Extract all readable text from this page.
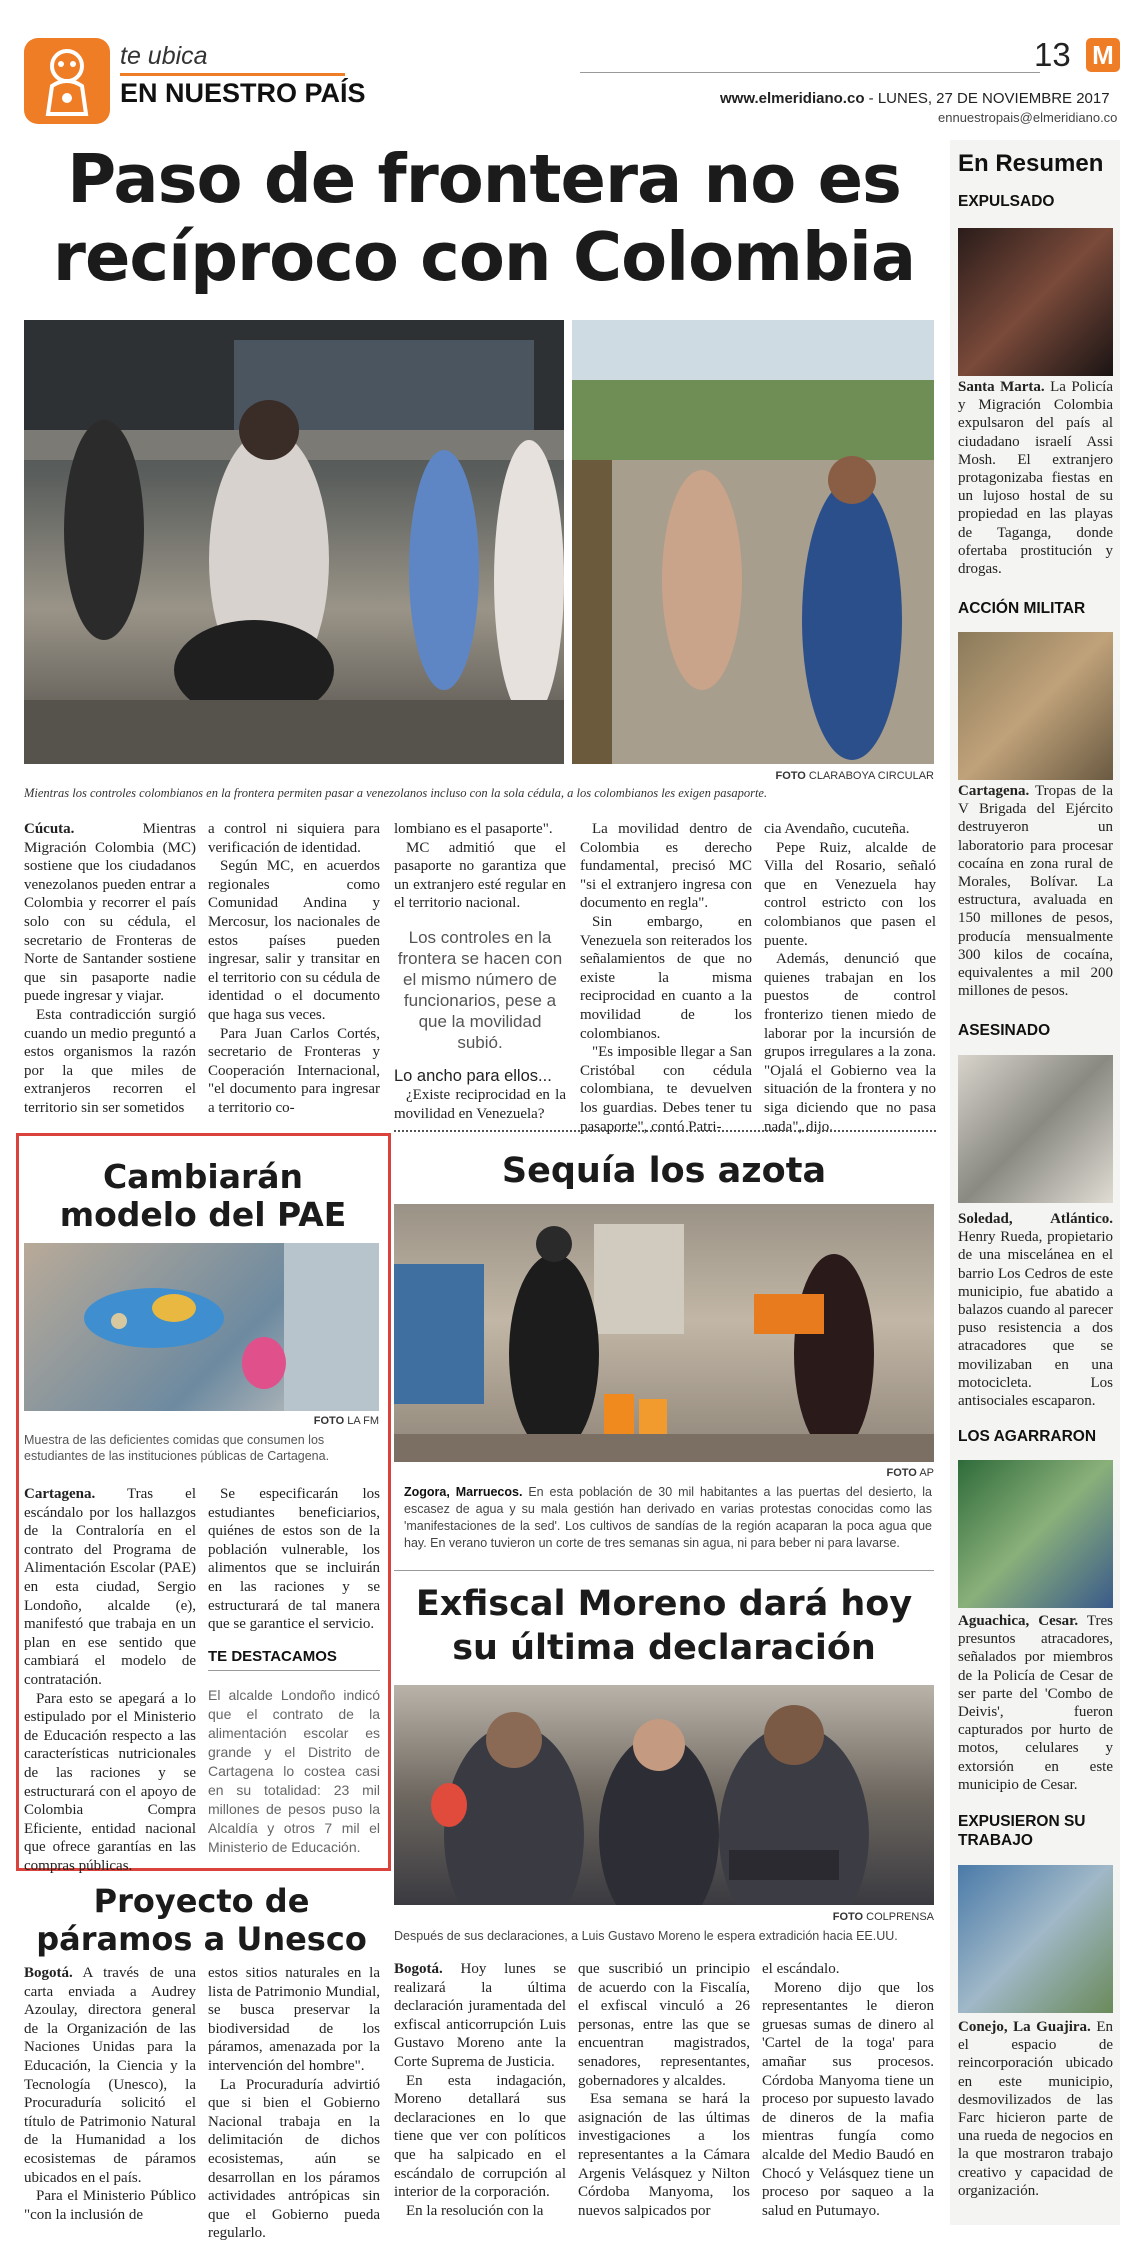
te ubica
EN NUESTRO PAÍS
13 M
www.elmeridiano.co - LUNES, 27 DE NOVIEMBRE 2017
ennuestropais@elmeridiano.co
Paso de frontera no es recíproco con Colombia
FOTO CLARABOYA CIRCULAR
Mientras los controles colombianos en la frontera permiten pasar a venezolanos incluso con la sola cédula, a los colombianos les exigen pasaporte.

Cúcuta. Mientras Migración Colombia (MC) sostiene que los ciudadanos venezolanos pueden entrar a Colombia y recorrer el país solo con su cédula, el secretario de Fronteras de Norte de Santander sostiene que sin pasaporte nadie puede ingresar y viajar.

Esta contradicción surgió cuando un medio preguntó a estos organismos la razón por la que miles de extranjeros recorren el territorio sin ser sometidos

a control ni siquiera para verificación de identidad.

Según MC, en acuerdos regionales como Comunidad Andina y Mercosur, los nacionales de estos países pueden ingresar, salir y transitar en el territorio con su cédula de identidad o el documento que haga sus veces.

Para Juan Carlos Cortés, secretario de Fronteras y Cooperación Internacional, "el documento para ingresar a territorio co-

lombiano es el pasaporte".

MC admitió que el pasaporte no garantiza que un extranjero esté regular en el territorio nacional.

Los controles en la frontera se hacen con el mismo número de funcionarios, pese a que la movilidad subió.

Lo ancho para ellos...

¿Existe reciprocidad en la movilidad en Venezuela?

La movilidad dentro de Colombia es derecho fundamental, precisó MC "si el extranjero ingresa con documento en regla".

Sin embargo, en Venezuela son reiterados los señalamientos de que no existe la misma reciprocidad en cuanto a la movilidad de los colombianos.

"Es imposible llegar a San Cristóbal con cédula colombiana, te devuelven los guardias. Debes tener tu pasaporte", contó Patri-

cia Avendaño, cucuteña.

Pepe Ruiz, alcalde de Villa del Rosario, señaló que en Venezuela hay control estricto con los colombianos que pasen el puente.

Además, denunció que quienes trabajan en los puestos de control fronterizo tienen miedo de laborar por la incursión de grupos irregulares a la zona. "Ojalá el Gobierno vea la situación de la frontera y no siga diciendo que no pasa nada", dijo.

Cambiarán modelo del PAE
FOTO LA FM
Muestra de las deficientes comidas que consumen los estudiantes de las instituciones públicas de Cartagena.

Cartagena. Tras el escándalo por los hallazgos de la Contraloría en el contrato del Programa de Alimentación Escolar (PAE) en esta ciudad, Sergio Londoño, alcalde (e), manifestó que trabaja en un plan en ese sentido que cambiará el modelo de contratación.

Para esto se apegará a lo estipulado por el Ministerio de Educación respecto a las características nutricionales de las raciones y se estructurará con el apoyo de Colombia Compra Eficiente, entidad nacional que ofrece garantías en las compras públicas.

Se especificarán los estudiantes beneficiarios, quiénes de estos son de la población vulnerable, los alimentos que se incluirán en las raciones y se estructurará de tal manera que se garantice el servicio.

TE DESTACAMOS
El alcalde Londoño indicó que el contrato de la alimentación escolar es grande y el Distrito de Cartagena lo costea casi en su totalidad: 23 mil millones de pesos puso la Alcaldía y otros 7 mil el Ministerio de Educación.
Sequía los azota
FOTO AP
Zogora, Marruecos. En esta población de 30 mil habitantes a las puertas del desierto, la escasez de agua y su mala gestión han derivado en varias protestas conocidas como las 'manifestaciones de la sed'. Los cultivos de sandías de la región acaparan la poca agua que hay. En verano tuvieron un corte de tres semanas sin agua, ni para beber ni para lavarse.
Exfiscal Moreno dará hoy su última declaración
FOTO COLPRENSA
Después de sus declaraciones, a Luis Gustavo Moreno le espera extradición hacia EE.UU.

Bogotá. Hoy lunes se realizará la última declaración juramentada del exfiscal anticorrupción Luis Gustavo Moreno ante la Corte Suprema de Justicia.

En esta indagación, Moreno detallará sus declaraciones en lo que tiene que ver con políticos que ha salpicado en el escándalo de corrupción al interior de la corporación.

En la resolución con la

que suscribió un principio de acuerdo con la Fiscalía, el exfiscal vinculó a 26 personas, entre las que se encuentran magistrados, senadores, representantes, gobernadores y alcaldes.

Esa semana se hará la asignación de las últimas investigaciones a los representantes a la Cámara Argenis Velásquez y Nilton Córdoba Manyoma, los nuevos salpicados por

el escándalo.

Moreno dijo que los representantes le dieron gruesas sumas de dinero al 'Cartel de la toga' para amañar sus procesos. Córdoba Manyoma tiene un proceso por supuesto lavado de dineros de la mafia mientras fungía como alcalde del Medio Baudó en Chocó y Velásquez tiene un proceso por saqueo a la salud en Putumayo.

Proyecto de páramos a Unesco

Bogotá. A través de una carta enviada a Audrey Azoulay, directora general de la Organización de las Naciones Unidas para la Educación, la Ciencia y la Tecnología (Unesco), la Procuraduría solicitó el título de Patrimonio Natural de la Humanidad a los ecosistemas de páramos ubicados en el país.

Para el Ministerio Público "con la inclusión de

estos sitios naturales en la lista de Patrimonio Mundial, se busca preservar la biodiversidad de los páramos, amenazada por la intervención del hombre".

La Procuraduría advirtió que si bien el Gobierno Nacional trabaja en la delimitación de dichos ecosistemas, aún se desarrollan en los páramos actividades antrópicas sin que el Gobierno pueda regularlo.

En Resumen
EXPULSADO
Santa Marta. La Policía y Migración Colombia expulsaron del país al ciudadano israelí Assi Mosh. El extranjero protagonizaba fiestas en un lujoso hostal de su propiedad en las playas de Taganga, donde ofertaba prostitución y drogas.
ACCIÓN MILITAR
Cartagena. Tropas de la V Brigada del Ejército destruyeron un laboratorio para procesar cocaína en zona rural de Morales, Bolívar. La estructura, avaluada en 150 millones de pesos, producía mensualmente 300 kilos de cocaína, equivalentes a mil 200 millones de pesos.
ASESINADO
Soledad, Atlántico. Henry Rueda, propietario de una miscelánea en el barrio Los Cedros de este municipio, fue abatido a balazos cuando al parecer puso resistencia a dos atracadores que se movilizaban en una motocicleta. Los antisociales escaparon.
LOS AGARRARON
Aguachica, Cesar. Tres presuntos atracadores, señalados por miembros de la Policía de Cesar de ser parte del 'Combo de Deivis', fueron capturados por hurto de motos, celulares y extorsión en este municipio de Cesar.
EXPUSIERON SU TRABAJO
Conejo, La Guajira. En el espacio de reincorporación ubicado en este municipio, desmovilizados de las Farc hicieron parte de una rueda de negocios en la que mostraron trabajo creativo y capacidad de organización.
